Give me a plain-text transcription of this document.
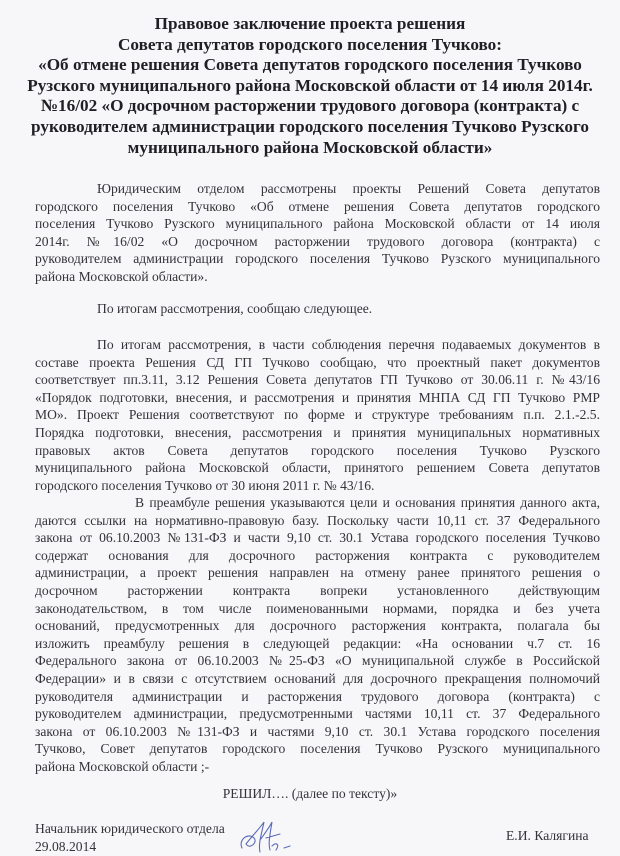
Правовое заключение проекта решения
Совета депутатов городского поселения Тучково:
«Об отмене решения Совета депутатов городского поселения Тучково
Рузского муниципального района Московской области от 14 июля 2014г.
№16/02 «О досрочном расторжении трудового договора (контракта) с
руководителем администрации городского поселения Тучково Рузского
муниципального района Московской области»
Юридическим отделом рассмотрены проекты Решений Совета депутатов
городского поселения Тучково «Об отмене решения Совета депутатов городского
поселения Тучково Рузского муниципального района Московской области от 14 июля
2014г. №16/02 «О досрочном расторжении трудового договора (контракта) с
руководителем администрации городского поселения Тучково Рузского муниципального
района Московской области».
По итогам рассмотрения, сообщаю следующее.
По итогам рассмотрения, в части соблюдения перечня подаваемых документов в
составе проекта Решения СД ГП Тучково сообщаю, что проектный пакет документов
соответствует пп.3.11, 3.12 Решения Совета депутатов ГП Тучково от 30.06.11 г. №43/16
«Порядок подготовки, внесения, и рассмотрения и принятия МНПА СД ГП Тучково РМР
МО». Проект Решения соответствуют по форме и структуре требованиям п.п. 2.1.-2.5.
Порядка подготовки, внесения, рассмотрения и принятия муниципальных нормативных
правовых актов Совета депутатов городского поселения Тучково Рузского
муниципального района Московской области, принятого решением Совета депутатов
городского поселения Тучково от 30 июня 2011 г. № 43/16.
В преамбуле решения указываются цели и основания принятия данного акта,
даются ссылки на нормативно-правовую базу. Поскольку части 10,11 ст. 37 Федерального
закона от 06.10.2003 №131-ФЗ и части 9,10 ст. 30.1 Устава городского поселения Тучково
содержат основания для досрочного расторжения контракта с руководителем
администрации, а проект решения направлен на отмену ранее принятого решения о
досрочном расторжении контракта вопреки установленного действующим
законодательством, в том числе поименованными нормами, порядка и без учета
оснований, предусмотренных для досрочного расторжения контракта, полагала бы
изложить преамбулу решения в следующей редакции: «На основании ч.7 ст. 16
Федерального закона от 06.10.2003 №25-ФЗ «О муниципальной службе в Российской
Федерации» и в связи с отсутствием оснований для досрочного прекращения полномочий
руководителя администрации и расторжения трудового договора (контракта) с
руководителем администрации, предусмотренными частями 10,11 ст. 37 Федерального
закона от 06.10.2003 №131-ФЗ и частями 9,10 ст. 30.1 Устава городского поселения
Тучково, Совет депутатов городского поселения Тучково Рузского муниципального
района Московской области ;-
РЕШИЛ…. (далее по тексту)»
Начальник юридического отдела
29.08.2014
Е.И. Калягина
